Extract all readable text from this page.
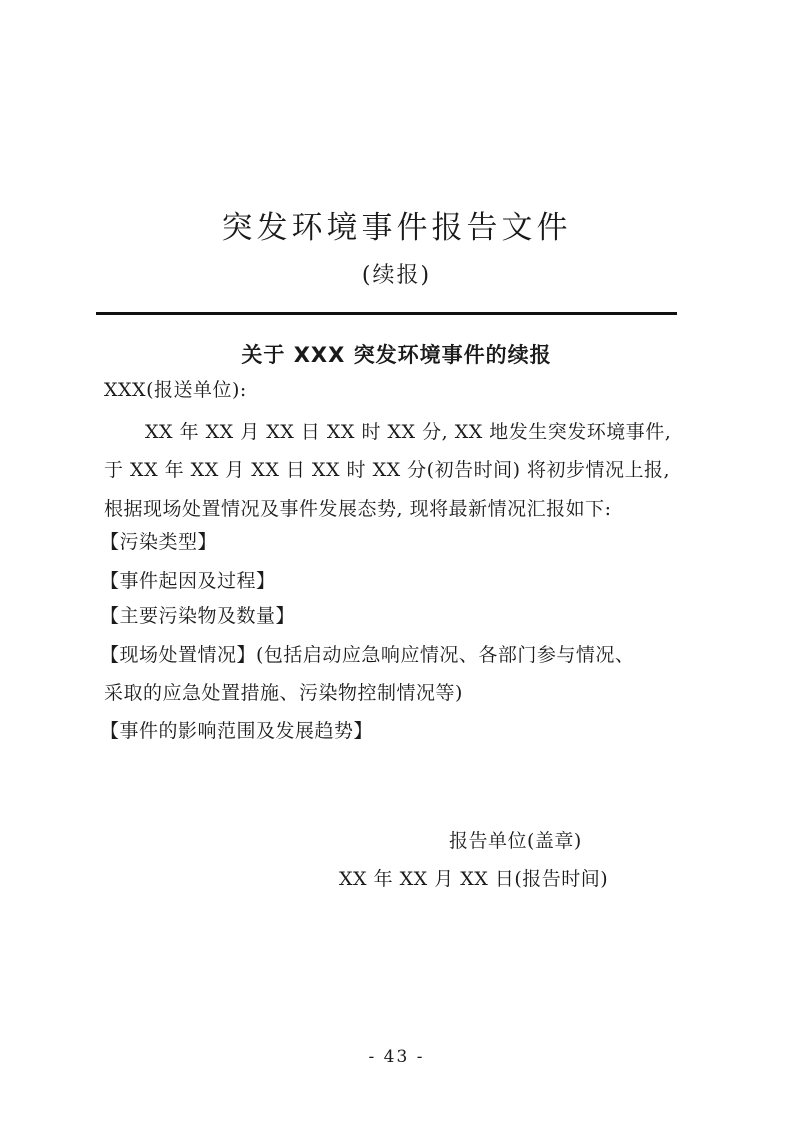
突发环境事件报告文件
(续报)
关于 XXX 突发环境事件的续报
XXX(报送单位):
XX 年 XX 月 XX 日 XX 时 XX 分, XX 地发生突发环境事件,
于 XX 年 XX 月 XX 日 XX 时 XX 分(初告时间) 将初步情况上报,
根据现场处置情况及事件发展态势, 现将最新情况汇报如下:
【污染类型】
【事件起因及过程】
【主要污染物及数量】
【现场处置情况】(包括启动应急响应情况、各部门参与情况、
采取的应急处置措施、污染物控制情况等)
【事件的影响范围及发展趋势】
报告单位(盖章)
XX 年 XX 月 XX 日(报告时间)
- 43 -
